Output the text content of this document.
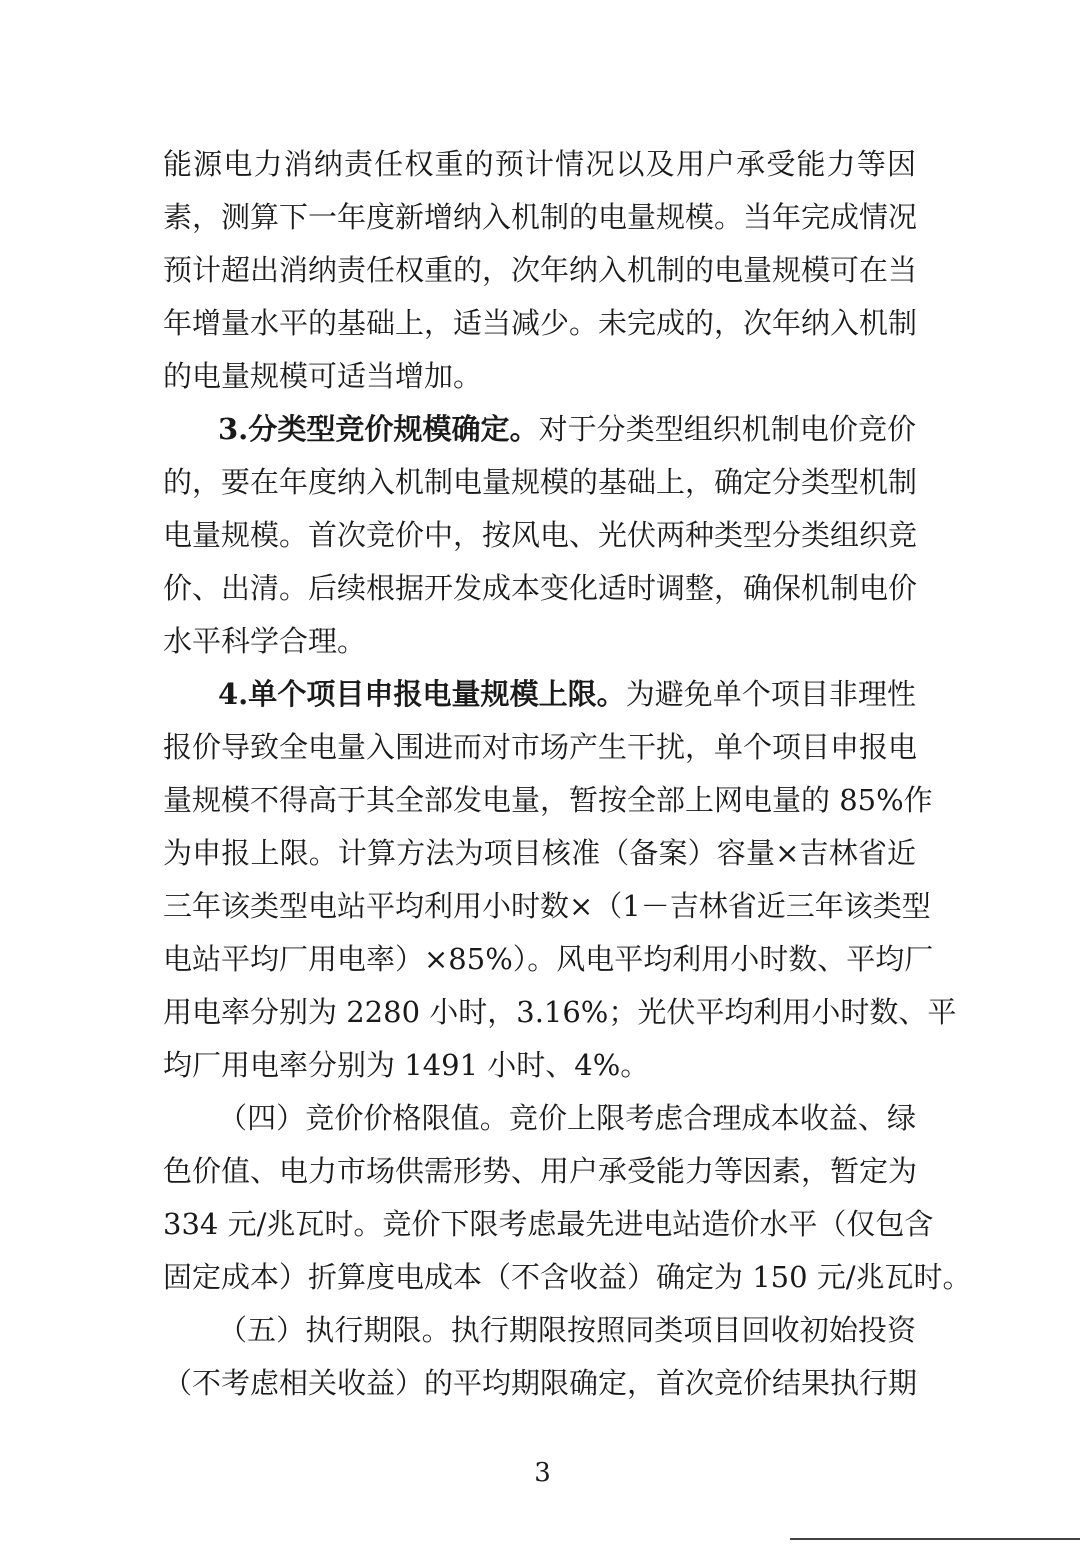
能源电力消纳责任权重的预计情况以及用户承受能力等因
素，测算下一年度新增纳入机制的电量规模。当年完成情况
预计超出消纳责任权重的，次年纳入机制的电量规模可在当
年增量水平的基础上，适当减少。未完成的，次年纳入机制
的电量规模可适当增加。
3.分类型竞价规模确定。对于分类型组织机制电价竞价
的，要在年度纳入机制电量规模的基础上，确定分类型机制
电量规模。首次竞价中，按风电、光伏两种类型分类组织竞
价、出清。后续根据开发成本变化适时调整，确保机制电价
水平科学合理。
4.单个项目申报电量规模上限。为避免单个项目非理性
报价导致全电量入围进而对市场产生干扰，单个项目申报电
量规模不得高于其全部发电量，暂按全部上网电量的 85%作
为申报上限。计算方法为项目核准（备案）容量×吉林省近
三年该类型电站平均利用小时数×（1－吉林省近三年该类型
电站平均厂用电率）×85%）。风电平均利用小时数、平均厂
用电率分别为 2280 小时，3.16%；光伏平均利用小时数、平
均厂用电率分别为 1491 小时、4%。
（四）竞价价格限值。竞价上限考虑合理成本收益、绿
色价值、电力市场供需形势、用户承受能力等因素，暂定为
334 元/兆瓦时。竞价下限考虑最先进电站造价水平（仅包含
固定成本）折算度电成本（不含收益）确定为 150 元/兆瓦时。
（五）执行期限。执行期限按照同类项目回收初始投资
（不考虑相关收益）的平均期限确定，首次竞价结果执行期
3
